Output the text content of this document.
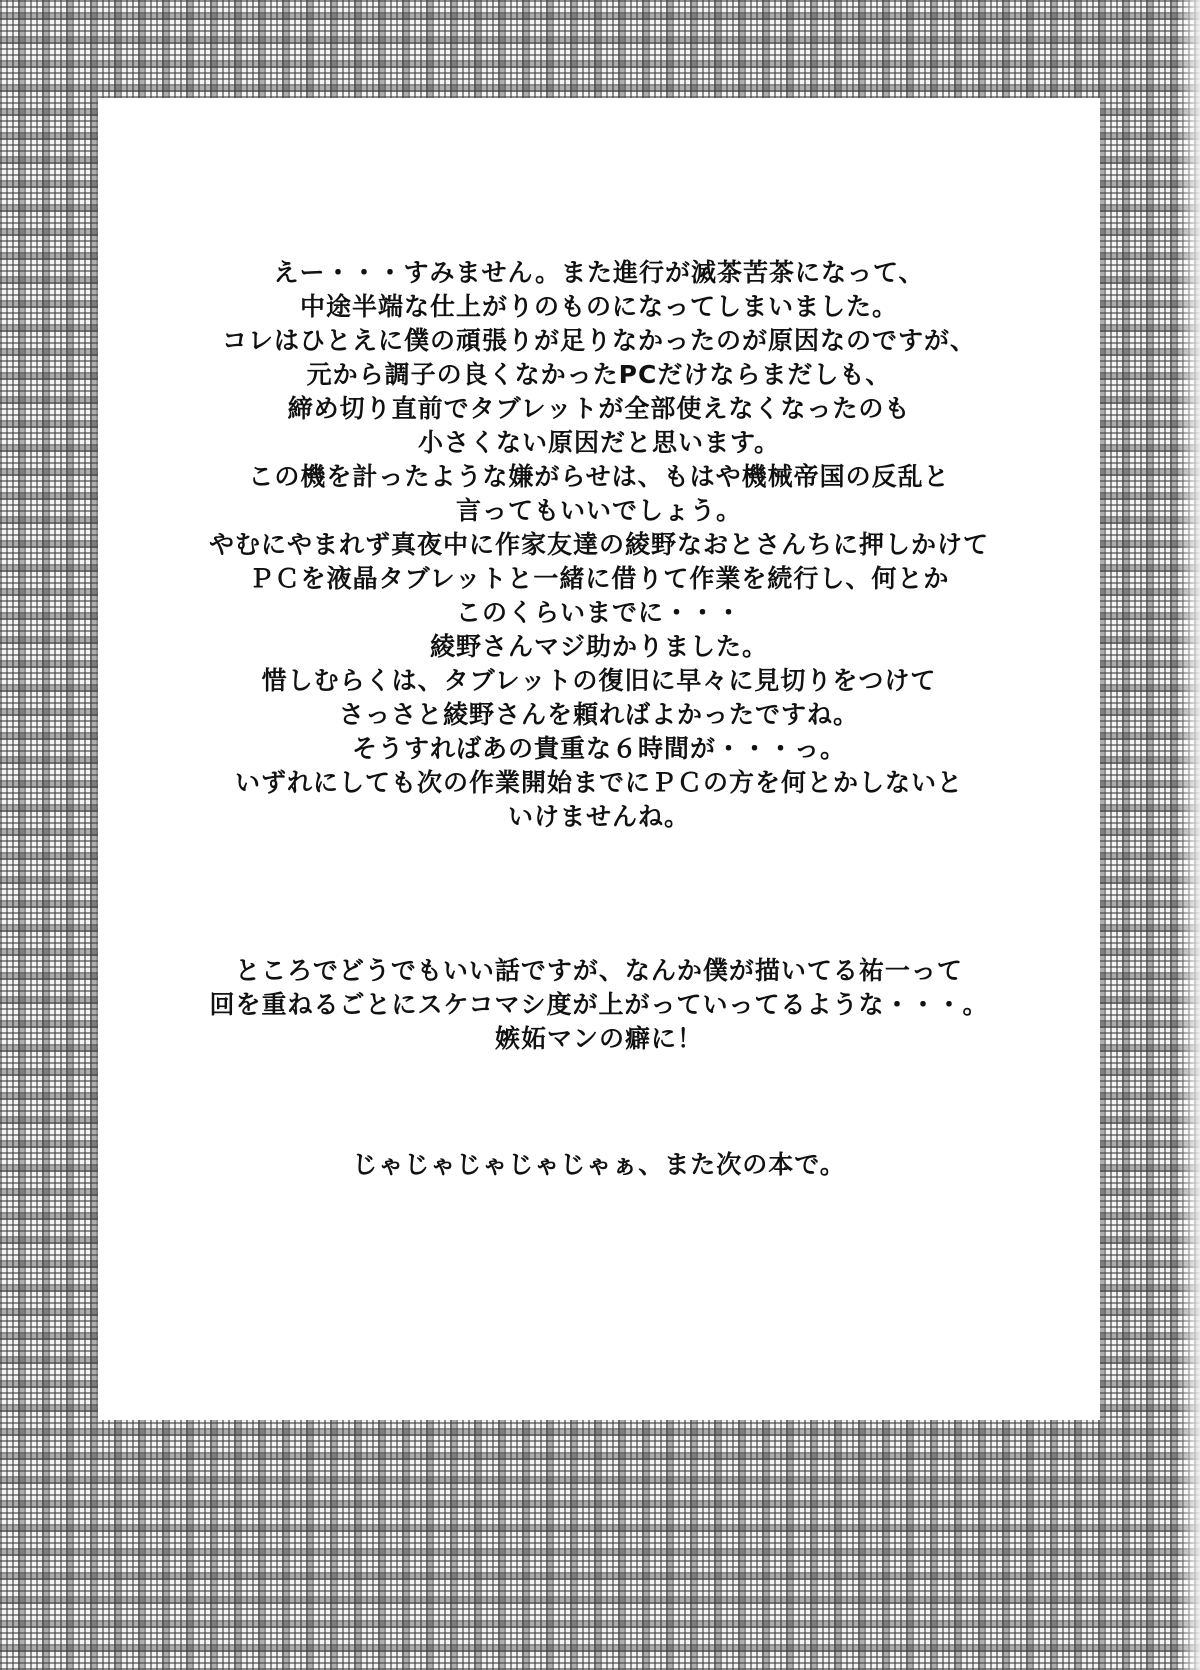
えー・・・すみません。また進行が滅茶苦茶になって、
中途半端な仕上がりのものになってしまいました。
コレはひとえに僕の頑張りが足りなかったのが原因なのですが、
元から調子の良くなかったPCだけならまだしも、
締め切り直前でタブレットが全部使えなくなったのも
小さくない原因だと思います。
この機を計ったような嫌がらせは、もはや機械帝国の反乱と
言ってもいいでしょう。
やむにやまれず真夜中に作家友達の綾野なおとさんちに押しかけて
ＰＣを液晶タブレットと一緒に借りて作業を続行し、何とか
このくらいまでに・・・
綾野さんマジ助かりました。
惜しむらくは、タブレットの復旧に早々に見切りをつけて
さっさと綾野さんを頼ればよかったですね。
そうすればあの貴重な６時間が・・・っ。
いずれにしても次の作業開始までにＰＣの方を何とかしないと
いけませんね。
ところでどうでもいい話ですが、なんか僕が描いてる祐一って
回を重ねるごとにスケコマシ度が上がっていってるような・・・。
嫉妬マンの癖に！
じゃじゃじゃじゃじゃぁ、また次の本で。
